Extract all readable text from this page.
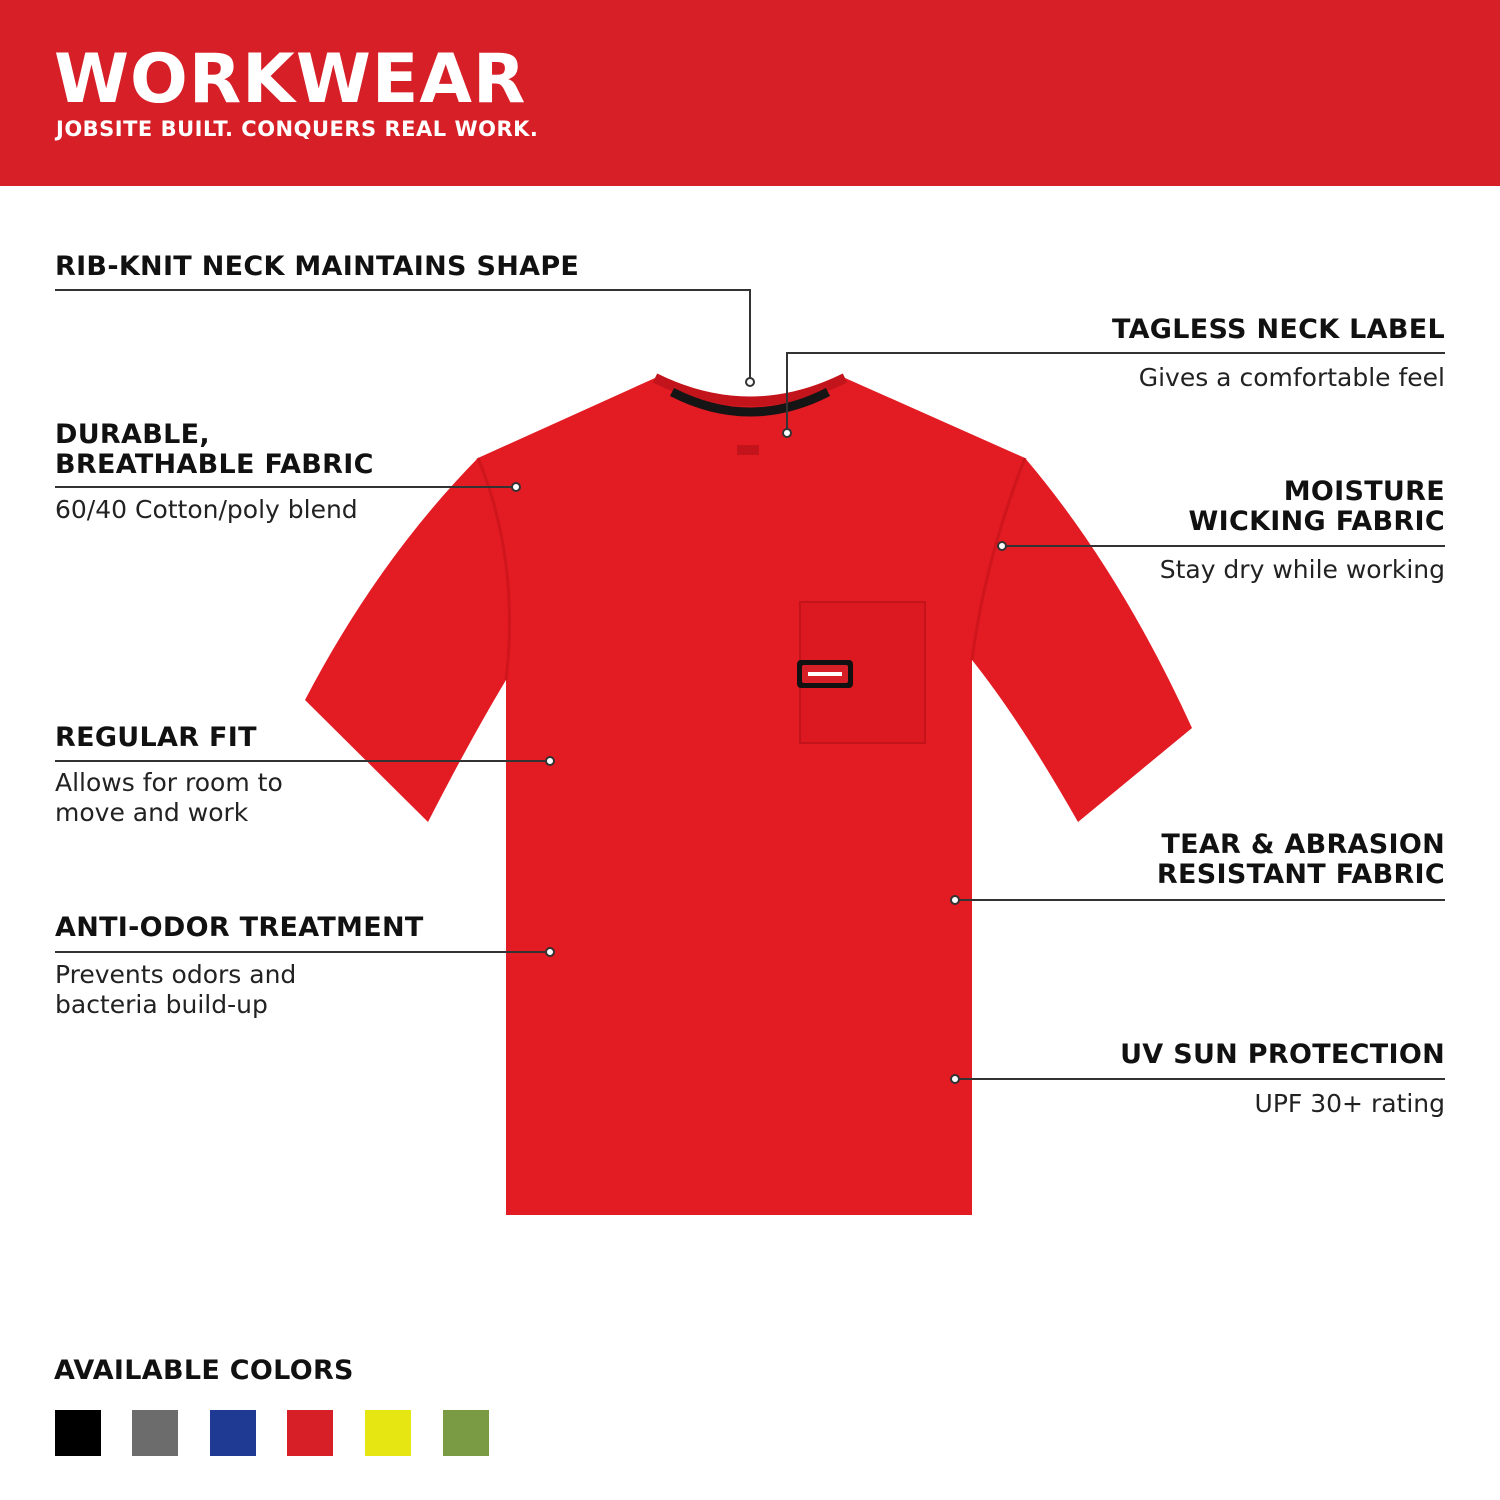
WORKWEAR

JOBSITE BUILT. CONQUERS REAL WORK.

RIB-KNIT NECK MAINTAINS SHAPE
DURABLE,
BREATHABLE FABRIC

60/40 Cotton/poly blend

REGULAR FIT

Allows for room to
move and work

ANTI-ODOR TREATMENT

Prevents odors and
bacteria build-up

TAGLESS NECK LABEL

Gives a comfortable feel

MOISTURE
WICKING FABRIC

Stay dry while working

TEAR & ABRASION
RESISTANT FABRIC
UV SUN PROTECTION

UPF 30+ rating

AVAILABLE COLORS
